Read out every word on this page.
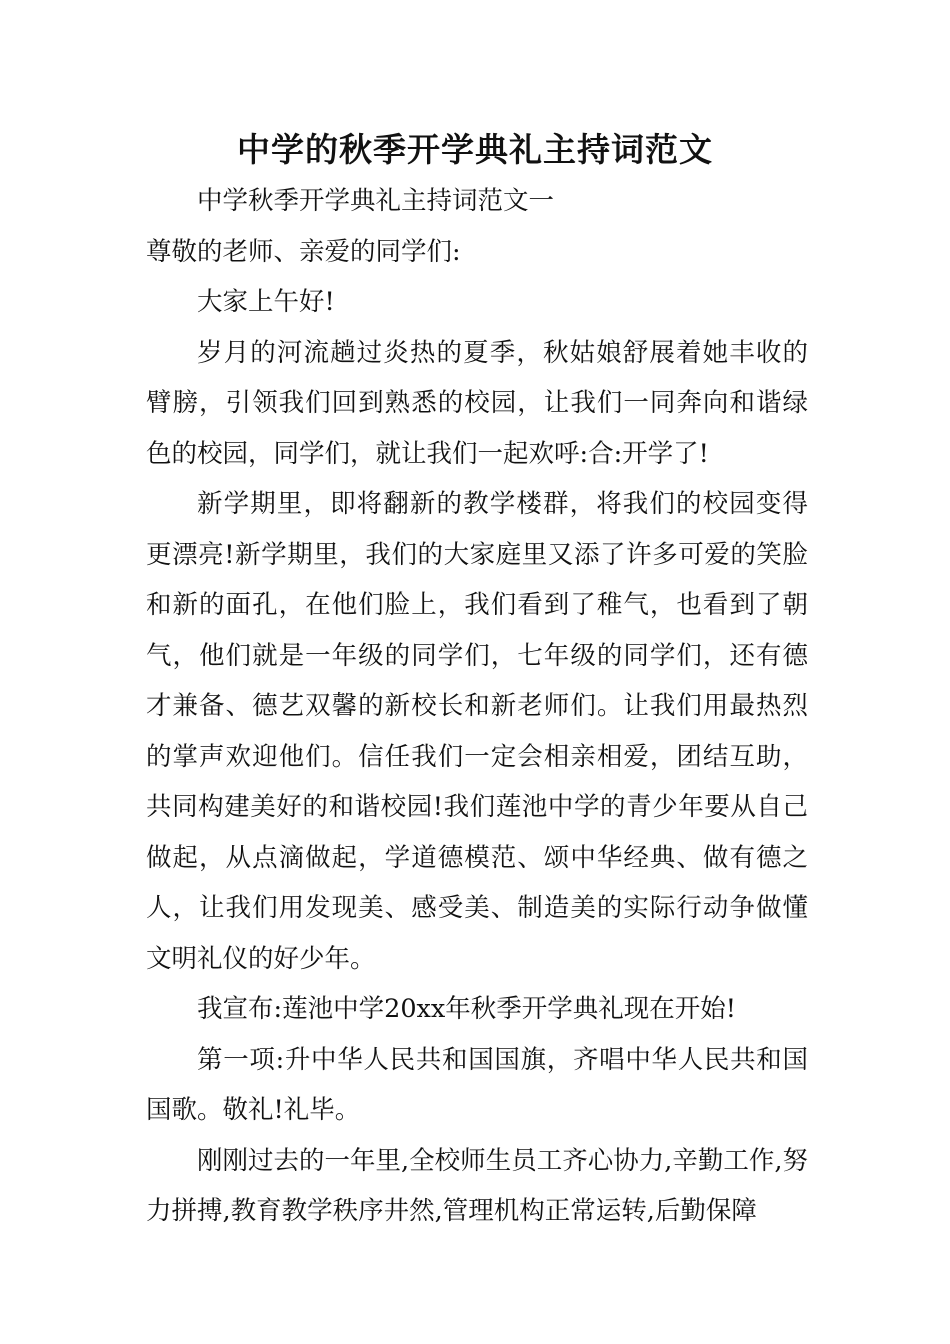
中学的秋季开学典礼主持词范文

中学秋季开学典礼主持词范文一

尊敬的老师、亲爱的同学们:

大家上午好!

岁月的河流趟过炎热的夏季，秋姑娘舒展着她丰收的臂膀，引领我们回到熟悉的校园，让我们一同奔向和谐绿色的校园，同学们，就让我们一起欢呼:合:开学了!

新学期里，即将翻新的教学楼群，将我们的校园变得更漂亮!新学期里，我们的大家庭里又添了许多可爱的笑脸和新的面孔，在他们脸上，我们看到了稚气，也看到了朝气，他们就是一年级的同学们，七年级的同学们，还有德才兼备、德艺双馨的新校长和新老师们。让我们用最热烈的掌声欢迎他们。信任我们一定会相亲相爱，团结互助，共同构建美好的和谐校园!我们莲池中学的青少年要从自己做起，从点滴做起，学道德模范、颂中华经典、做有德之人，让我们用发现美、感受美、制造美的实际行动争做懂文明礼仪的好少年。

我宣布:莲池中学20xx年秋季开学典礼现在开始!

第一项:升中华人民共和国国旗，齐唱中华人民共和国国歌。敬礼!礼毕。

刚刚过去的一年里,全校师生员工齐心协力,辛勤工作,努力拼搏,教育教学秩序井然,管理机构正常运转,后勤保障
